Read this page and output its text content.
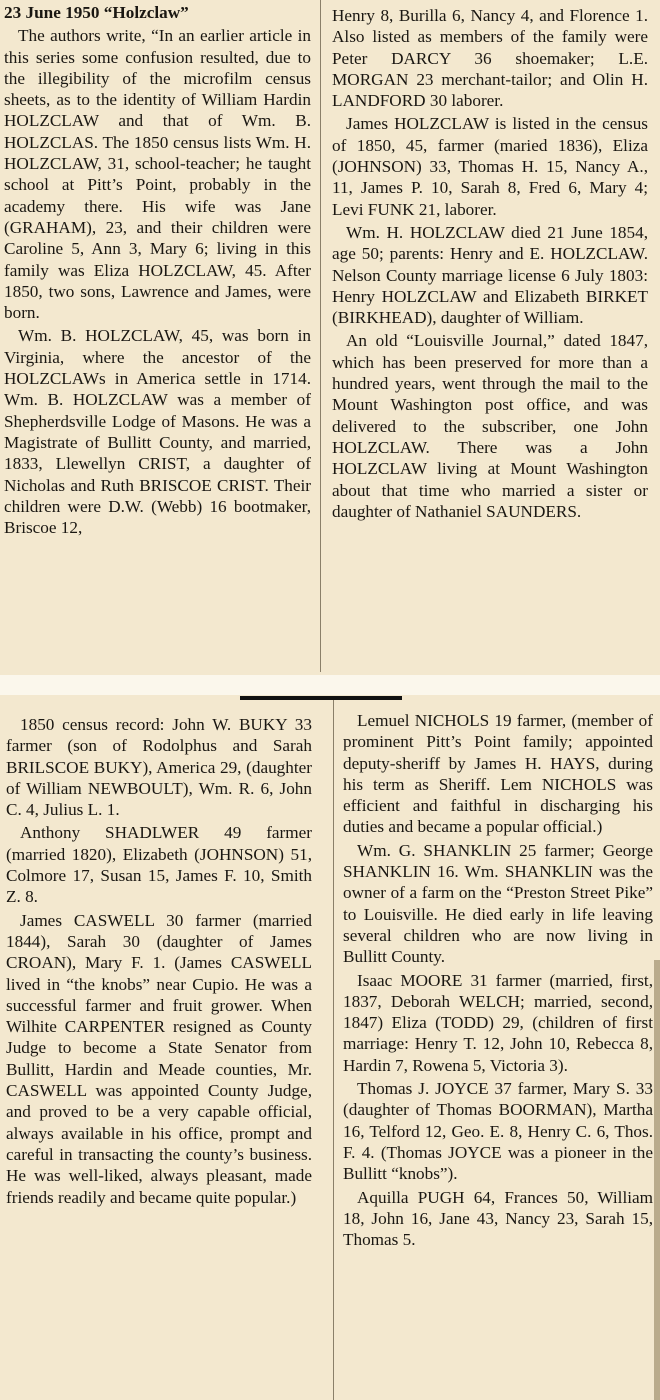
23 June 1950 “Holzclaw”

The authors write, “In an earlier article in this series some confusion resulted, due to the illegibility of the microfilm census sheets, as to the identity of William Hardin HOLZCLAW and that of Wm. B. HOLZCLAS. The 1850 census lists Wm. H. HOLZCLAW, 31, school-teacher; he taught school at Pitt’s Point, probably in the academy there. His wife was Jane (GRAHAM), 23, and their children were Caroline 5, Ann 3, Mary 6; living in this family was Eliza HOLZCLAW, 45. After 1850, two sons, Lawrence and James, were born.

Wm. B. HOLZCLAW, 45, was born in Virginia, where the ancestor of the HOLZCLAWs in America settle in 1714. Wm. B. HOLZCLAW was a member of Shepherdsville Lodge of Masons. He was a Magistrate of Bullitt County, and married, 1833, Llewellyn CRIST, a daughter of Nicholas and Ruth BRISCOE CRIST. Their children were D.W. (Webb) 16 bootmaker, Briscoe 12,

Henry 8, Burilla 6, Nancy 4, and Florence 1. Also listed as members of the family were Peter DARCY 36 shoemaker; L.E. MORGAN 23 merchant-tailor; and Olin H. LANDFORD 30 laborer.

James HOLZCLAW is listed in the census of 1850, 45, farmer (maried 1836), Eliza (JOHNSON) 33, Thomas H. 15, Nancy A., 11, James P. 10, Sarah 8, Fred 6, Mary 4; Levi FUNK 21, laborer.

Wm. H. HOLZCLAW died 21 June 1854, age 50; parents: Henry and E. HOLZCLAW. Nelson County marriage license 6 July 1803: Henry HOLZCLAW and Elizabeth BIRKET (BIRKHEAD), daughter of William.

An old “Louisville Journal,” dated 1847, which has been preserved for more than a hundred years, went through the mail to the Mount Washington post office, and was delivered to the subscriber, one John HOLZCLAW. There was a John HOLZCLAW living at Mount Washington about that time who married a sister or daughter of Nathaniel SAUNDERS.

1850 census record: John W. BUKY 33 farmer (son of Rodolphus and Sarah BRILSCOE BUKY), America 29, (daughter of William NEWBOULT), Wm. R. 6, John C. 4, Julius L. 1.

Anthony SHADLWER 49 farmer (married 1820), Elizabeth (JOHNSON) 51, Colmore 17, Susan 15, James F. 10, Smith Z. 8.

James CASWELL 30 farmer (married 1844), Sarah 30 (daughter of James CROAN), Mary F. 1. (James CASWELL lived in “the knobs” near Cupio. He was a successful farmer and fruit grower. When Wilhite CARPENTER resigned as County Judge to become a State Senator from Bullitt, Hardin and Meade counties, Mr. CASWELL was appointed County Judge, and proved to be a very capable official, always available in his office, prompt and careful in transacting the county’s business. He was well-liked, always pleasant, made friends readily and became quite popular.)

Lemuel NICHOLS 19 farmer, (member of prominent Pitt’s Point family; appointed deputy-sheriff by James H. HAYS, during his term as Sheriff. Lem NICHOLS was efficient and faithful in discharging his duties and became a popular official.)

Wm. G. SHANKLIN 25 farmer; George SHANKLIN 16. Wm. SHANKLIN was the owner of a farm on the “Preston Street Pike” to Louisville. He died early in life leaving several children who are now living in Bullitt County.

Isaac MOORE 31 farmer (married, first, 1837, Deborah WELCH; married, second, 1847) Eliza (TODD) 29, (children of first marriage: Henry T. 12, John 10, Rebecca 8, Hardin 7, Rowena 5, Victoria 3).

Thomas J. JOYCE 37 farmer, Mary S. 33 (daughter of Thomas BOORMAN), Martha 16, Telford 12, Geo. E. 8, Henry C. 6, Thos. F. 4. (Thomas JOYCE was a pioneer in the Bullitt “knobs”).

Aquilla PUGH 64, Frances 50, William 18, John 16, Jane 43, Nancy 23, Sarah 15, Thomas 5.
